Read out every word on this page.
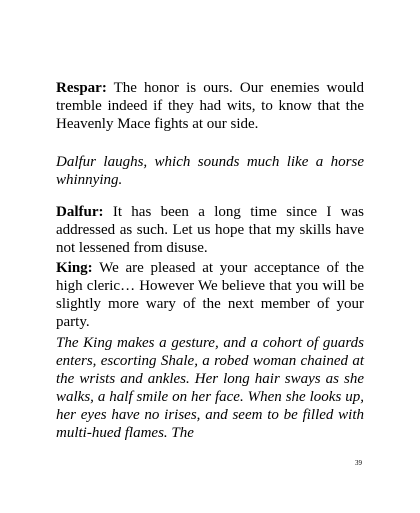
Respar: The honor is ours. Our enemies would tremble indeed if they had wits, to know that the Heavenly Mace fights at our side.

Dalfur laughs, which sounds much like a horse whinnying.

Dalfur: It has been a long time since I was addressed as such. Let us hope that my skills have not lessened from disuse.

King: We are pleased at your acceptance of the high cleric… However We believe that you will be slightly more wary of the next member of your party.

The King makes a gesture, and a cohort of guards enters, escorting Shale, a robed woman chained at the wrists and ankles. Her long hair sways as she walks, a half smile on her face. When she looks up, her eyes have no irises, and seem to be filled with multi-hued flames. The

39
